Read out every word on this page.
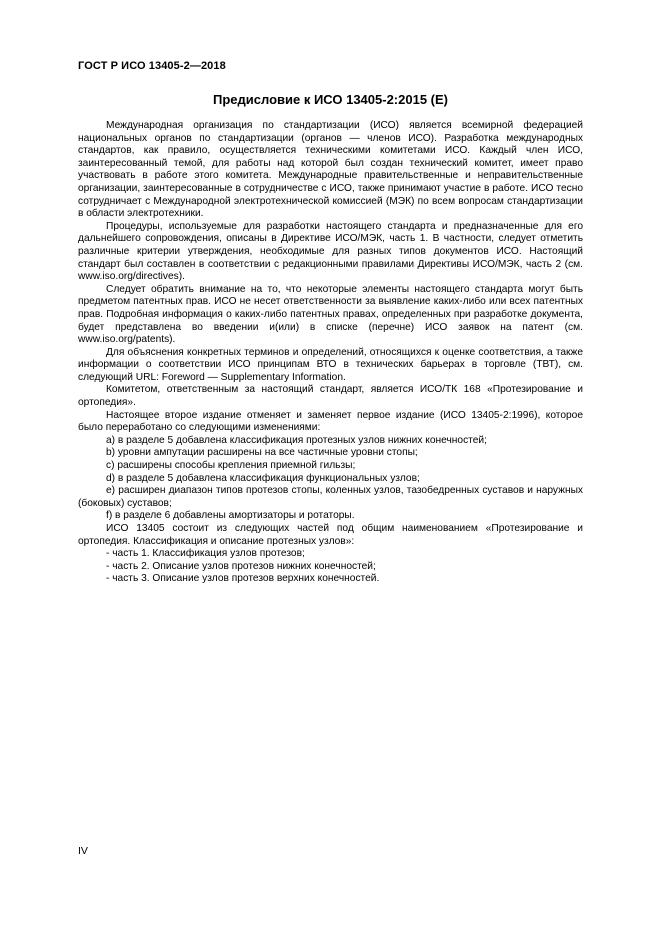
ГОСТ Р ИСО 13405-2—2018
Предисловие к ИСО 13405-2:2015 (Е)

Международная организация по стандартизации (ИСО) является всемирной федерацией национальных органов по стандартизации (органов — членов ИСО). Разработка международных стандартов, как правило, осуществляется техническими комитетами ИСО. Каждый член ИСО, заинтересованный темой, для работы над которой был создан технический комитет, имеет право участвовать в работе этого комитета. Международные правительственные и неправительственные организации, заинтересованные в сотрудничестве с ИСО, также принимают участие в работе. ИСО тесно сотрудничает с Международной электротехнической комиссией (МЭК) по всем вопросам стандартизации в области электротехники.

Процедуры, используемые для разработки настоящего стандарта и предназначенные для его дальнейшего сопровождения, описаны в Директиве ИСО/МЭК, часть 1. В частности, следует отметить различные критерии утверждения, необходимые для разных типов документов ИСО. Настоящий стандарт был составлен в соответствии с редакционными правилами Директивы ИСО/МЭК, часть 2 (см. www.iso.org/directives).

Следует обратить внимание на то, что некоторые элементы настоящего стандарта могут быть предметом патентных прав. ИСО не несет ответственности за выявление каких-либо или всех патентных прав. Подробная информация о каких-либо патентных правах, определенных при разработке документа, будет представлена во введении и(или) в списке (перечне) ИСО заявок на патент (см. www.iso.org/patents).

Для объяснения конкретных терминов и определений, относящихся к оценке соответствия, а также информации о соответствии ИСО принципам ВТО в технических барьерах в торговле (ТВТ), см. следующий URL: Foreword — Supplementary Information.

Комитетом, ответственным за настоящий стандарт, является ИСО/ТК 168 «Протезирование и ортопедия».

Настоящее второе издание отменяет и заменяет первое издание (ИСО 13405-2:1996), которое было переработано со следующими изменениями:

а) в разделе 5 добавлена классификация протезных узлов нижних конечностей;

b) уровни ампутации расширены на все частичные уровни стопы;

с) расширены способы крепления приемной гильзы;

d) в разделе 5 добавлена классификация функциональных узлов;

е) расширен диапазон типов протезов стопы, коленных узлов, тазобедренных суставов и наружных (боковых) суставов;

f) в разделе 6 добавлены амортизаторы и ротаторы.

ИСО 13405 состоит из следующих частей под общим наименованием «Протезирование и ортопедия. Классификация и описание протезных узлов»:

- часть 1. Классификация узлов протезов;

- часть 2. Описание узлов протезов нижних конечностей;

- часть 3. Описание узлов протезов верхних конечностей.

IV
